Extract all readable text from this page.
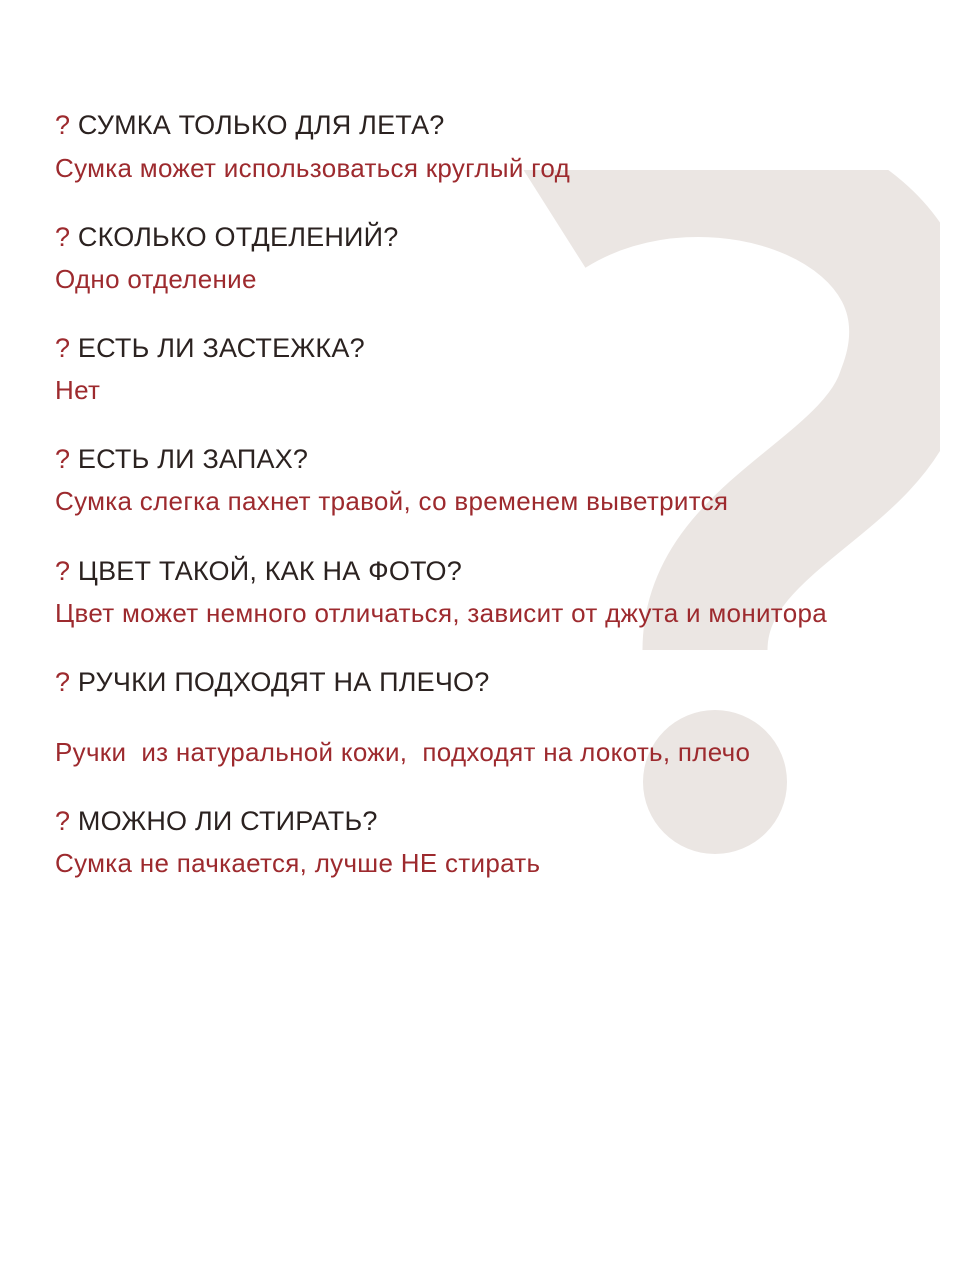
? СУМКА ТОЛЬКО ДЛЯ ЛЕТА?
Сумка может использоваться круглый год
? СКОЛЬКО ОТДЕЛЕНИЙ?
Одно отделение
? ЕСТЬ ЛИ ЗАСТЕЖКА?
Нет
? ЕСТЬ ЛИ ЗАПАХ?
Сумка слегка пахнет травой, со временем выветрится
? ЦВЕТ ТАКОЙ, КАК НА ФОТО?
Цвет может немного отличаться, зависит от джута и монитора
? РУЧКИ ПОДХОДЯТ НА ПЛЕЧО?
Ручки  из натуральной кожи,  подходят на локоть, плечо
? МОЖНО ЛИ СТИРАТЬ?
Сумка не пачкается, лучше НЕ стирать
